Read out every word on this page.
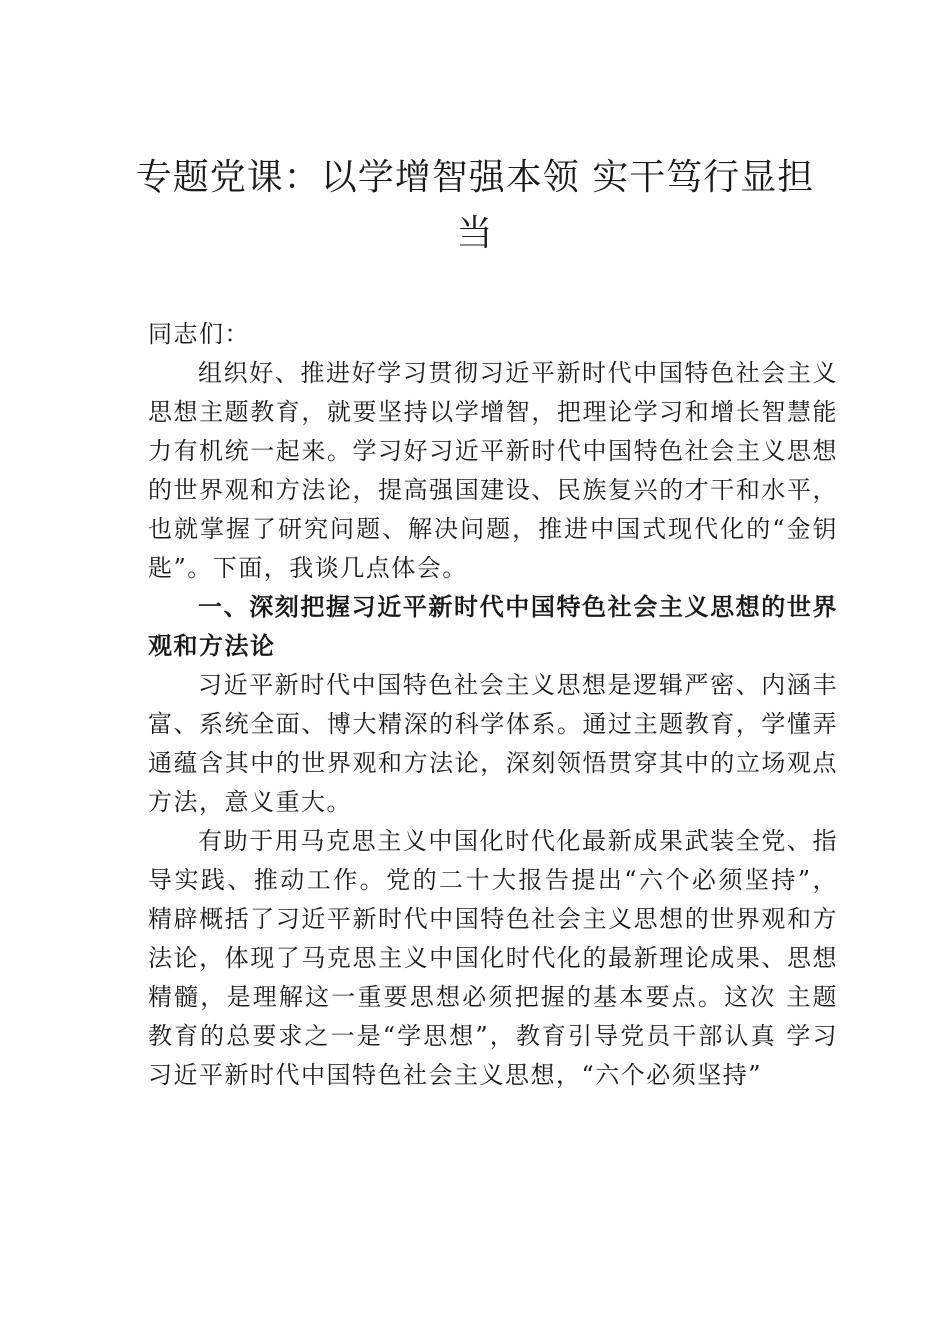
专题党课：以学增智强本领 实干笃行显担当

同志们：

组织好、推进好学习贯彻习近平新时代中国特色社会主义思想主题教育，就要坚持以学增智，把理论学习和增长智慧能力有机统一起来。学习好习近平新时代中国特色社会主义思想的世界观和方法论，提高强国建设、民族复兴的才干和水平，也就掌握了研究问题、解决问题，推进中国式现代化的“金钥匙”。下面，我谈几点体会。

一、深刻把握习近平新时代中国特色社会主义思想的世界观和方法论

习近平新时代中国特色社会主义思想是逻辑严密、内涵丰富、系统全面、博大精深的科学体系。通过主题教育，学懂弄通蕴含其中的世界观和方法论，深刻领悟贯穿其中的立场观点方法，意义重大。

有助于用马克思主义中国化时代化最新成果武装全党、指导实践、推动工作。党的二十大报告提出“六个必须坚持”，精辟概括了习近平新时代中国特色社会主义思想的世界观和方法论，体现了马克思主义中国化时代化的最新理论成果、思想精髓，是理解这一重要思想必须把握的基本要点。这次 主题教育的总要求之一是“学思想”，教育引导党员干部认真 学习习近平新时代中国特色社会主义思想，“六个必须坚持”
